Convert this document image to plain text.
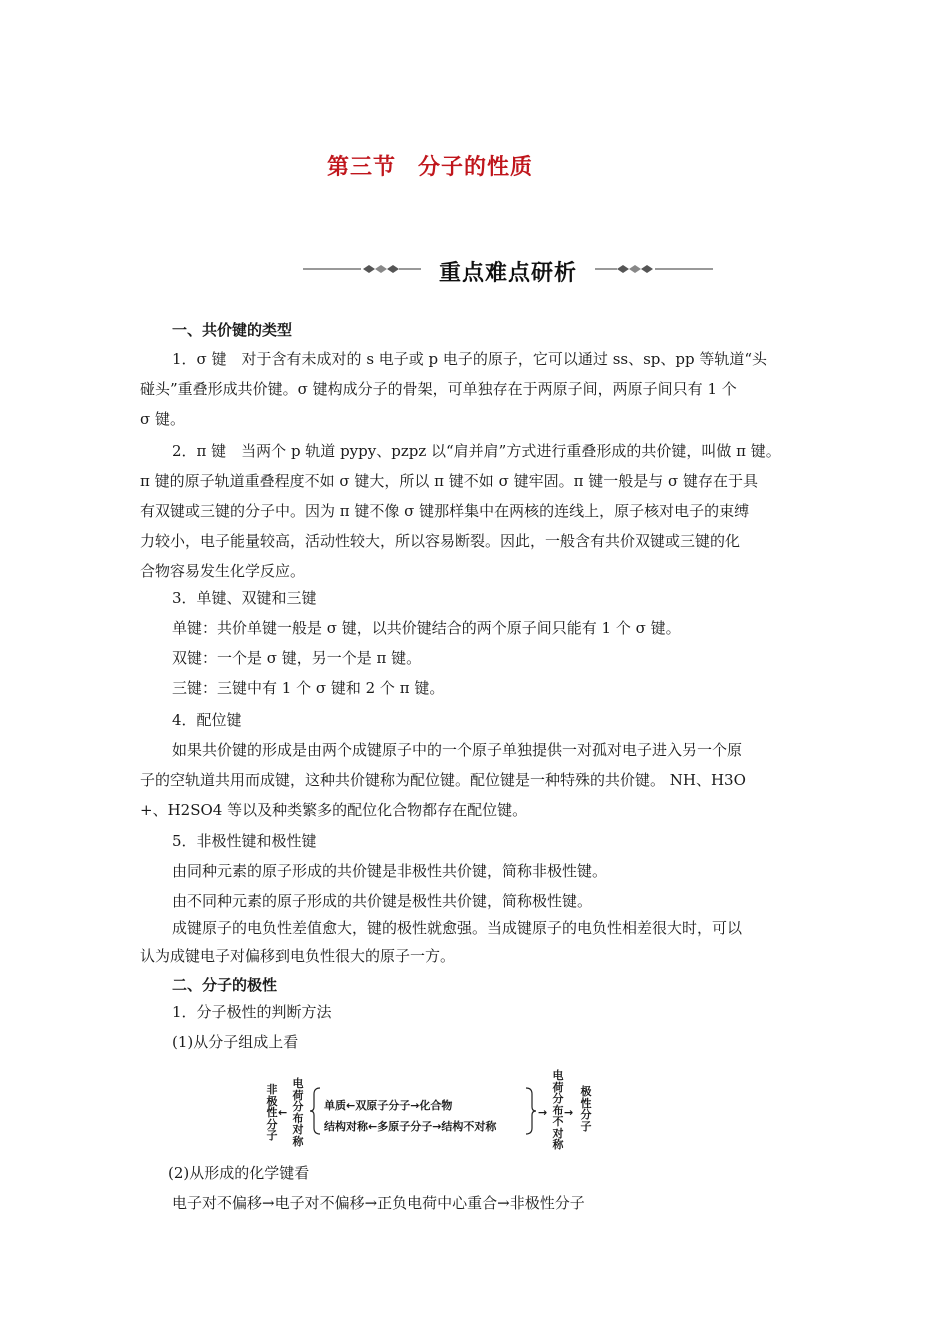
第三节 分子的性质
重点难点研析
一、共价键的类型
1．σ 键　对于含有未成对的 s 电子或 p 电子的原子，它可以通过 ss、sp、pp 等轨道“头
碰头”重叠形成共价键。σ 键构成分子的骨架，可单独存在于两原子间，两原子间只有 1 个
σ 键。
2．π 键　当两个 p 轨道 pypy、pzpz 以“肩并肩”方式进行重叠形成的共价键，叫做 π 键。
π 键的原子轨道重叠程度不如 σ 键大，所以 π 键不如 σ 键牢固。π 键一般是与 σ 键存在于具
有双键或三键的分子中。因为 π 键不像 σ 键那样集中在两核的连线上，原子核对电子的束缚
力较小，电子能量较高，活动性较大，所以容易断裂。因此，一般含有共价双键或三键的化
合物容易发生化学反应。
3．单键、双键和三键
单键：共价单键一般是 σ 键，以共价键结合的两个原子间只能有 1 个 σ 键。
双键：一个是 σ 键，另一个是 π 键。
三键：三键中有 1 个 σ 键和 2 个 π 键。
4．配位键
如果共价键的形成是由两个成键原子中的一个原子单独提供一对孤对电子进入另一个原
子的空轨道共用而成键，这种共价键称为配位键。配位键是一种特殊的共价键。 NH、H3O
+、H2SO4 等以及种类繁多的配位化合物都存在配位键。
5．非极性键和极性键
由同种元素的原子形成的共价键是非极性共价键，简称非极性键。
由不同种元素的原子形成的共价键是极性共价键，简称极性键。
成键原子的电负性差值愈大，键的极性就愈强。当成键原子的电负性相差很大时，可以
认为成键电子对偏移到电负性很大的原子一方。
二、分子的极性
1．分子极性的判断方法
(1)从分子组成上看
非极性分子
←
电荷分布对称
单质←双原子分子→化合物
结构对称←多原子分子→结构不对称
→
电荷分布不对称
→
极性分子
(2)从形成的化学键看
电子对不偏移→电子对不偏移→正负电荷中心重合→非极性分子
